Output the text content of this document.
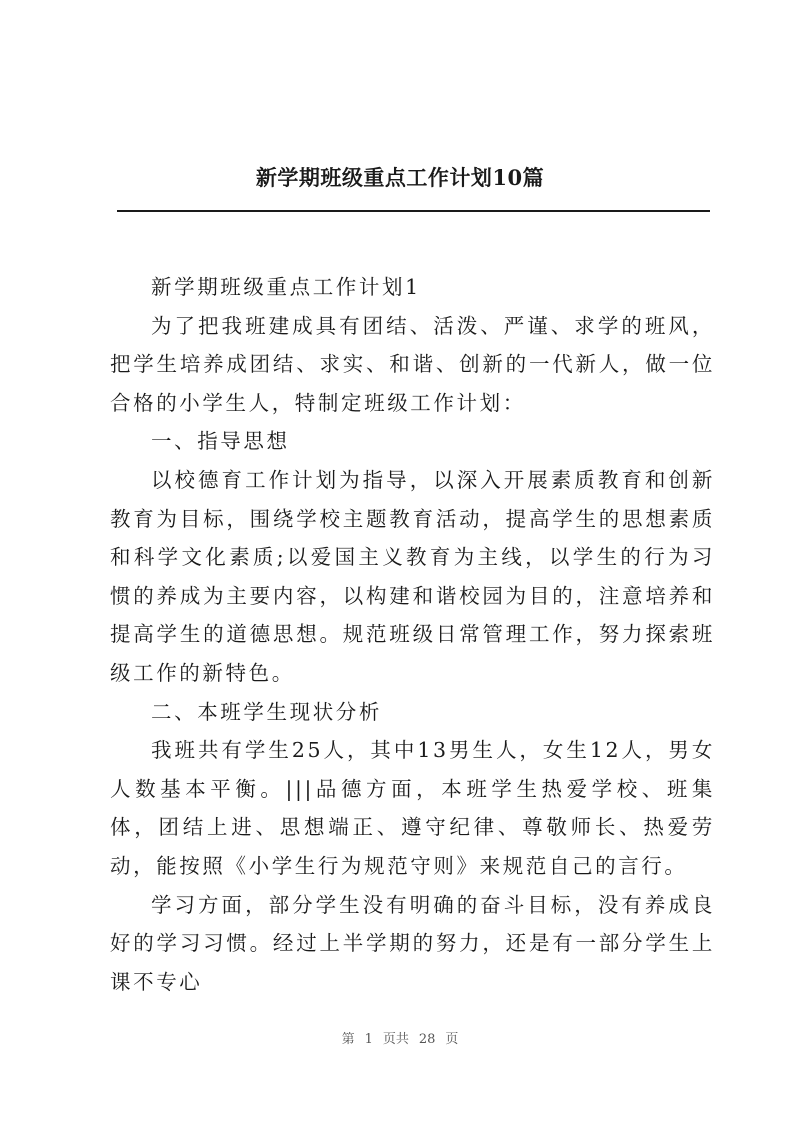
新学期班级重点工作计划10篇

新学期班级重点工作计划1

为了把我班建成具有团结、活泼、严谨、求学的班风，把学生培养成团结、求实、和谐、创新的一代新人，做一位合格的小学生人，特制定班级工作计划：

一、指导思想

以校德育工作计划为指导，以深入开展素质教育和创新教育为目标，围绕学校主题教育活动，提高学生的思想素质和科学文化素质;以爱国主义教育为主线，以学生的行为习惯的养成为主要内容，以构建和谐校园为目的，注意培养和提高学生的道德思想。规范班级日常管理工作，努力探索班级工作的新特色。

二、本班学生现状分析

我班共有学生25人，其中13男生人，女生12人，男女人数基本平衡。|||品德方面，本班学生热爱学校、班集体，团结上进、思想端正、遵守纪律、尊敬师长、热爱劳动，能按照《小学生行为规范守则》来规范自己的言行。

学习方面，部分学生没有明确的奋斗目标，没有养成良好的学习习惯。经过上半学期的努力，还是有一部分学生上课不专心

第 1 页共 28 页
